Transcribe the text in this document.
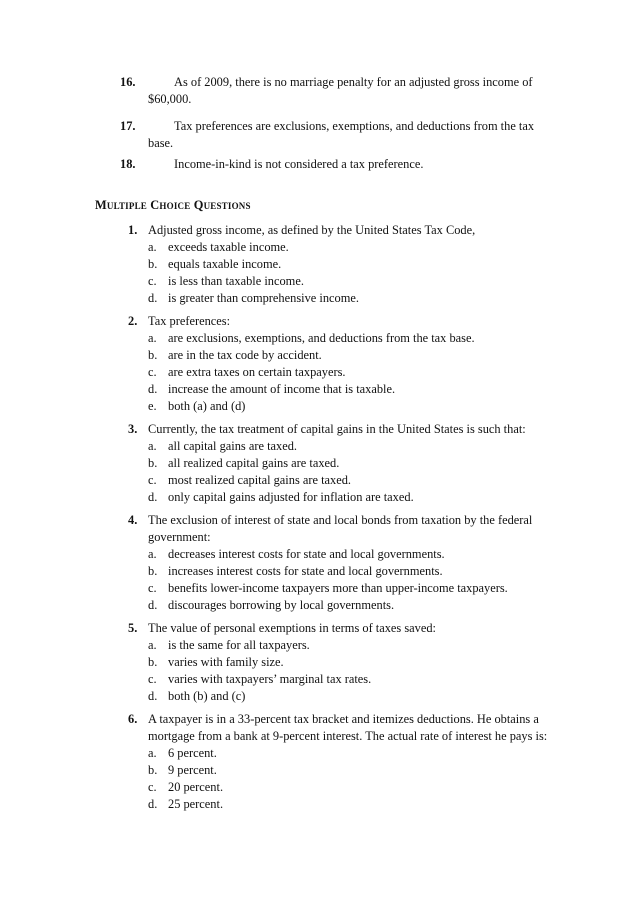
16.	As of 2009, there is no marriage penalty for an adjusted gross income of $60,000.
17.	Tax preferences are exclusions, exemptions, and deductions from the tax base.
18.	Income-in-kind is not considered a tax preference.
Multiple Choice Questions
1. Adjusted gross income, as defined by the United States Tax Code,
a. exceeds taxable income.
b. equals taxable income.
c. is less than taxable income.
d. is greater than comprehensive income.
2. Tax preferences:
a. are exclusions, exemptions, and deductions from the tax base.
b. are in the tax code by accident.
c. are extra taxes on certain taxpayers.
d. increase the amount of income that is taxable.
e. both (a) and (d)
3. Currently, the tax treatment of capital gains in the United States is such that:
a. all capital gains are taxed.
b. all realized capital gains are taxed.
c. most realized capital gains are taxed.
d. only capital gains adjusted for inflation are taxed.
4. The exclusion of interest of state and local bonds from taxation by the federal government:
a. decreases interest costs for state and local governments.
b. increases interest costs for state and local governments.
c. benefits lower-income taxpayers more than upper-income taxpayers.
d. discourages borrowing by local governments.
5. The value of personal exemptions in terms of taxes saved:
a. is the same for all taxpayers.
b. varies with family size.
c. varies with taxpayers’ marginal tax rates.
d. both (b) and (c)
6. A taxpayer is in a 33-percent tax bracket and itemizes deductions. He obtains a mortgage from a bank at 9-percent interest. The actual rate of interest he pays is:
a. 6 percent.
b. 9 percent.
c. 20 percent.
d. 25 percent.
